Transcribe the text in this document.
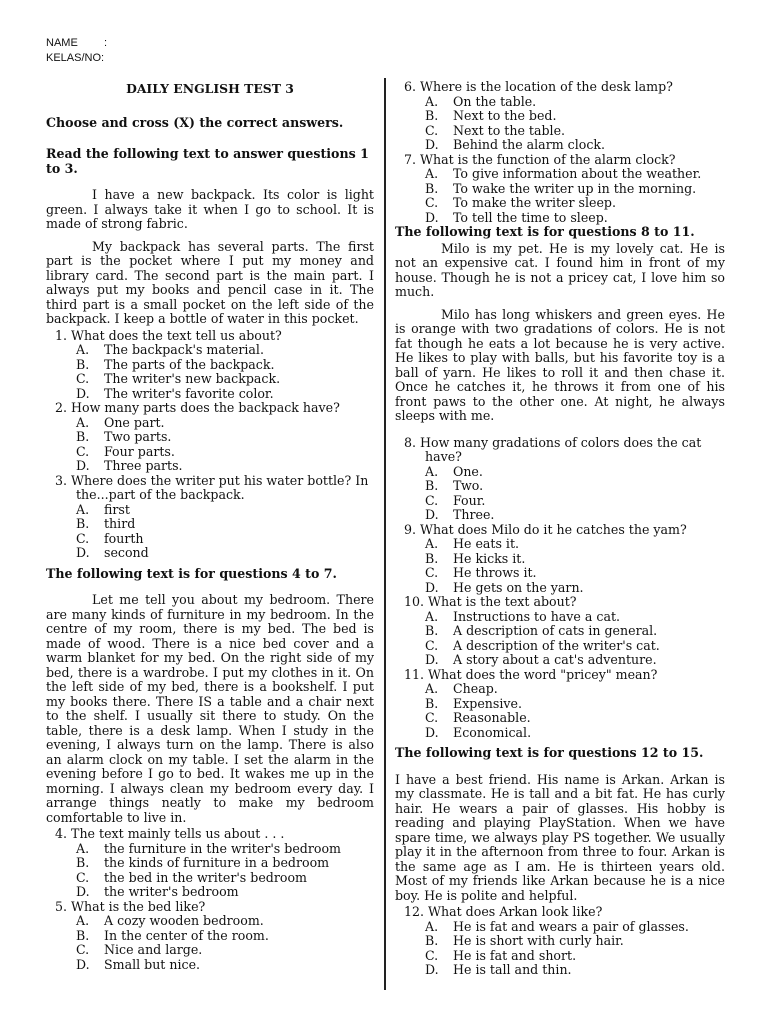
NAME :
KELAS/NO:
DAILY ENGLISH TEST 3
Choose and cross (X) the correct answers.
Read the following text to answer questions 1 to 3.
I have a new backpack. Its color is light green. I always take it when I go to school. It is made of strong fabric.
My backpack has several parts. The first part is the pocket where I put my money and library card. The second part is the main part. I always put my books and pencil case in it. The third part is a small pocket on the left side of the backpack. I keep a bottle of water in this pocket.
1. What does the text tell us about?
A. The backpack's material.
B. The parts of the backpack.
C. The writer's new backpack.
D. The writer's favorite color.
2. How many parts does the backpack have?
A. One part.
B. Two parts.
C. Four parts.
D. Three parts.
3. Where does the writer put his water bottle? In the...part of the backpack.
A. first
B. third
C. fourth
D. second
The following text is for questions 4 to 7.
Let me tell you about my bedroom. There are many kinds of furniture in my bedroom. In the centre of my room, there is my bed. The bed is made of wood. There is a nice bed cover and a warm blanket for my bed. On the right side of my bed, there is a wardrobe. I put my clothes in it. On the left side of my bed, there is a bookshelf. I put my books there. There IS a table and a chair next to the shelf. I usually sit there to study. On the table, there is a desk lamp. When I study in the evening, I always turn on the lamp. There is also an alarm clock on my table. I set the alarm in the evening before I go to bed. It wakes me up in the morning. I always clean my bedroom every day. I arrange things neatly to make my bedroom comfortable to live in.
4. The text mainly tells us about . . .
A. the furniture in the writer's bedroom
B. the kinds of furniture in a bedroom
C. the bed in the writer's bedroom
D. the writer's bedroom
5. What is the bed like?
A. A cozy wooden bedroom.
B. In the center of the room.
C. Nice and large.
D. Small but nice.
6. Where is the location of the desk lamp?
A. On the table.
B. Next to the bed.
C. Next to the table.
D. Behind the alarm clock.
7. What is the function of the alarm clock?
A. To give information about the weather.
B. To wake the writer up in the morning.
C. To make the writer sleep.
D. To tell the time to sleep.
The following text is for questions 8 to 11.
Milo is my pet. He is my lovely cat. He is not an expensive cat. I found him in front of my house. Though he is not a pricey cat, I love him so much.
Milo has long whiskers and green eyes. He is orange with two gradations of colors. He is not fat though he eats a lot because he is very active. He likes to play with balls, but his favorite toy is a ball of yarn. He likes to roll it and then chase it. Once he catches it, he throws it from one of his front paws to the other one. At night, he always sleeps with me.
8. How many gradations of colors does the cat have?
A. One.
B. Two.
C. Four.
D. Three.
9. What does Milo do it he catches the yam?
A. He eats it.
B. He kicks it.
C. He throws it.
D. He gets on the yarn.
10. What is the text about?
A. Instructions to have a cat.
B. A description of cats in general.
C. A description of the writer's cat.
D. A story about a cat's adventure.
11. What does the word "pricey" mean?
A. Cheap.
B. Expensive.
C. Reasonable.
D. Economical.
The following text is for questions 12 to 15.
I have a best friend. His name is Arkan. Arkan is my classmate. He is tall and a bit fat. He has curly hair. He wears a pair of glasses. His hobby is reading and playing PlayStation. When we have spare time, we always play PS together. We usually play it in the afternoon from three to four. Arkan is the same age as I am. He is thirteen years old. Most of my friends like Arkan because he is a nice boy. He is polite and helpful.
12. What does Arkan look like?
A. He is fat and wears a pair of glasses.
B. He is short with curly hair.
C. He is fat and short.
D. He is tall and thin.
